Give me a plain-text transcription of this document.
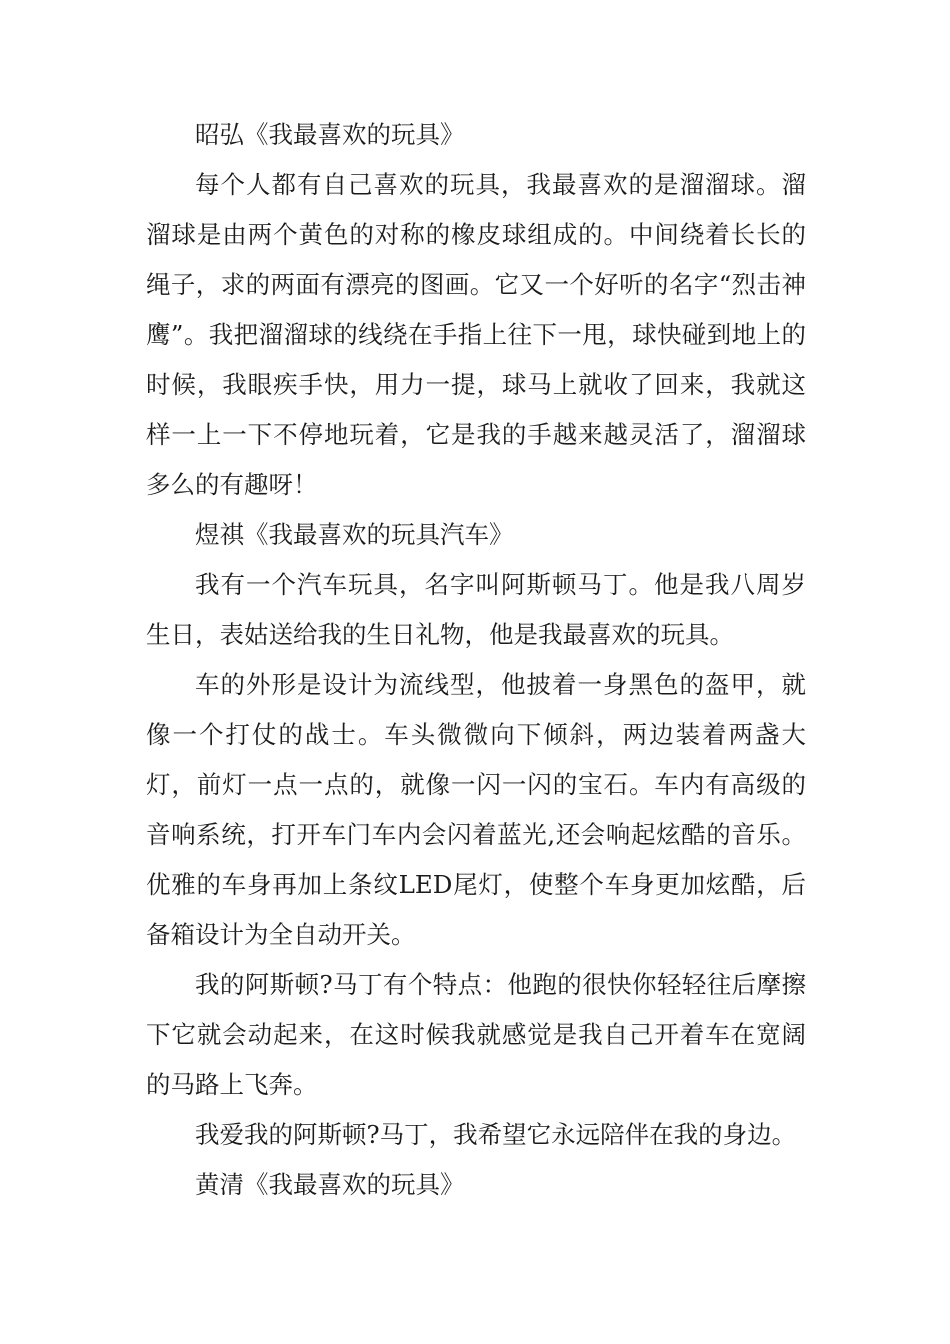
昭弘《我最喜欢的玩具》

每个人都有自己喜欢的玩具，我最喜欢的是溜溜球。溜溜球是由两个黄色的对称的橡皮球组成的。中间绕着长长的绳子，求的两面有漂亮的图画。它又一个好听的名字“烈击神鹰”。我把溜溜球的线绕在手指上往下一甩，球快碰到地上的时候，我眼疾手快，用力一提，球马上就收了回来，我就这样一上一下不停地玩着，它是我的手越来越灵活了，溜溜球多么的有趣呀！

煜祺《我最喜欢的玩具汽车》

我有一个汽车玩具，名字叫阿斯顿马丁。他是我八周岁生日，表姑送给我的生日礼物，他是我最喜欢的玩具。

车的外形是设计为流线型，他披着一身黑色的盔甲，就像一个打仗的战士。车头微微向下倾斜，两边装着两盏大灯，前灯一点一点的，就像一闪一闪的宝石。车内有高级的音响系统，打开车门车内会闪着蓝光,还会响起炫酷的音乐。优雅的车身再加上条纹LED尾灯，使整个车身更加炫酷，后备箱设计为全自动开关。

我的阿斯顿?马丁有个特点：他跑的很快你轻轻往后摩擦下它就会动起来，在这时候我就感觉是我自己开着车在宽阔的马路上飞奔。

我爱我的阿斯顿?马丁，我希望它永远陪伴在我的身边。

黄清《我最喜欢的玩具》
